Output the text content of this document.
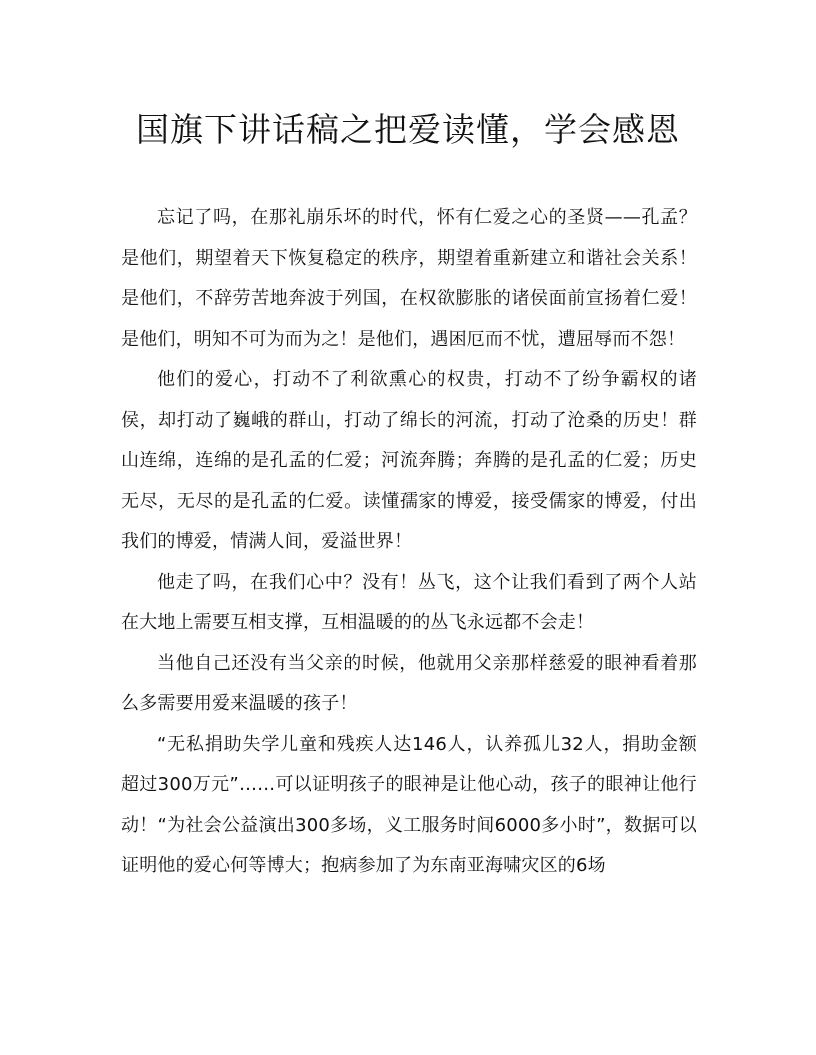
国旗下讲话稿之把爱读懂，学会感恩

忘记了吗，在那礼崩乐坏的时代，怀有仁爱之心的圣贤——孔孟？是他们，期望着天下恢复稳定的秩序，期望着重新建立和谐社会关系！是他们，不辞劳苦地奔波于列国，在权欲膨胀的诸侯面前宣扬着仁爱！是他们，明知不可为而为之！是他们，遇困厄而不忧，遭屈辱而不怨！

他们的爱心，打动不了利欲熏心的权贵，打动不了纷争霸权的诸侯，却打动了巍峨的群山，打动了绵长的河流，打动了沧桑的历史！群山连绵，连绵的是孔孟的仁爱；河流奔腾；奔腾的是孔孟的仁爱；历史无尽，无尽的是孔孟的仁爱。读懂孺家的博爱，接受儒家的博爱，付出我们的博爱，情满人间，爱溢世界！

他走了吗，在我们心中？没有！丛飞，这个让我们看到了两个人站在大地上需要互相支撑，互相温暖的的丛飞永远都不会走！

当他自己还没有当父亲的时候，他就用父亲那样慈爱的眼神看着那么多需要用爱来温暖的孩子！

“无私捐助失学儿童和残疾人达146人，认养孤儿32人，捐助金额超过300万元”……可以证明孩子的眼神是让他心动，孩子的眼神让他行动！“为社会公益演出300多场，义工服务时间6000多小时”，数据可以证明他的爱心何等博大；抱病参加了为东南亚海啸灾区的6场
